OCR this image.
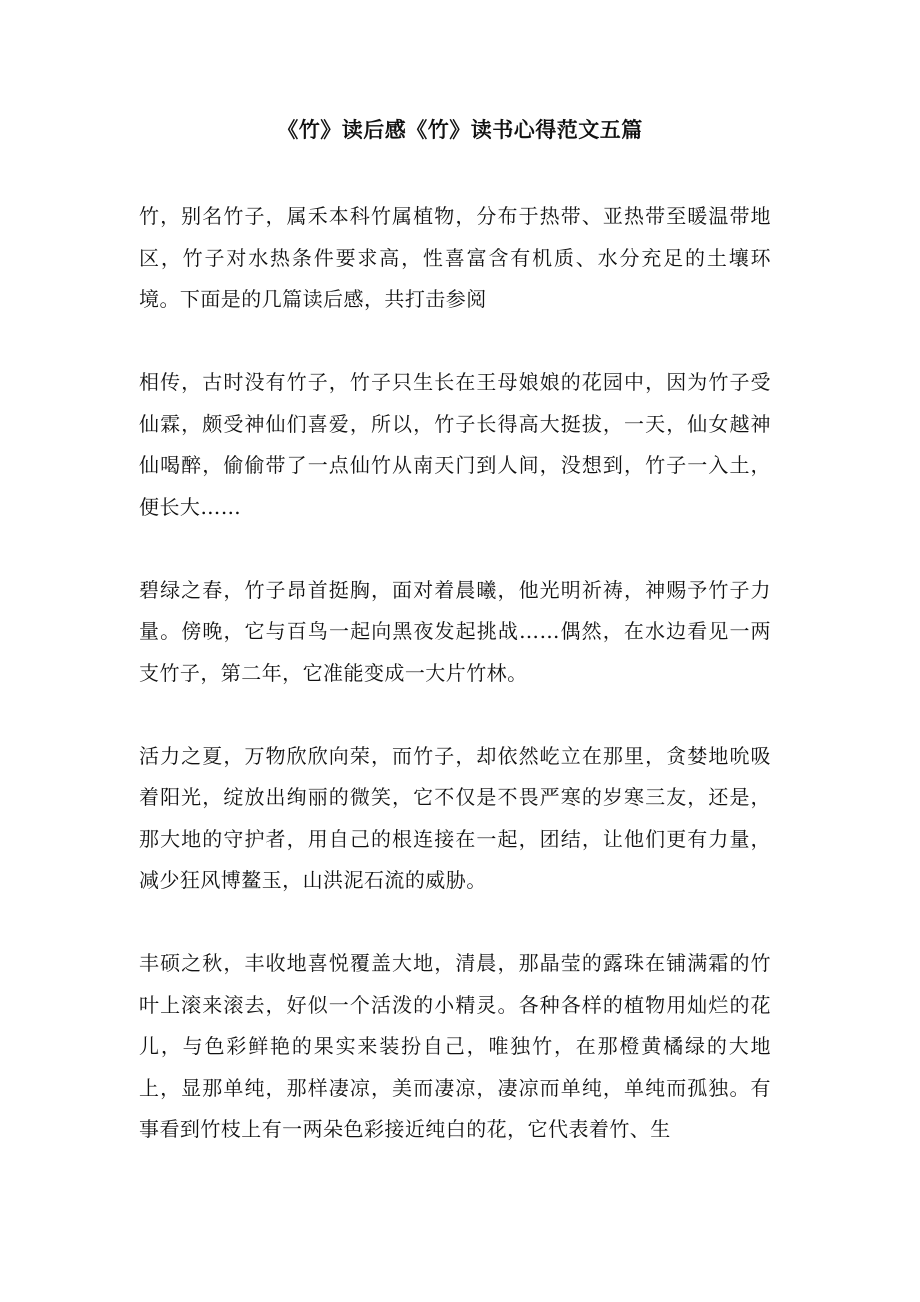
《竹》读后感《竹》读书心得范文五篇

竹，别名竹子，属禾本科竹属植物，分布于热带、亚热带至暖温带地区，竹子对水热条件要求高，性喜富含有机质、水分充足的土壤环境。下面是的几篇读后感，共打击参阅

相传，古时没有竹子，竹子只生长在王母娘娘的花园中，因为竹子受仙霖，颇受神仙们喜爱，所以，竹子长得高大挺拔，一天，仙女越神仙喝醉，偷偷带了一点仙竹从南天门到人间，没想到，竹子一入土，便长大……

碧绿之春，竹子昂首挺胸，面对着晨曦，他光明祈祷，神赐予竹子力量。傍晚，它与百鸟一起向黑夜发起挑战……偶然，在水边看见一两支竹子，第二年，它准能变成一大片竹林。

活力之夏，万物欣欣向荣，而竹子，却依然屹立在那里，贪婪地吮吸着阳光，绽放出绚丽的微笑，它不仅是不畏严寒的岁寒三友，还是，那大地的守护者，用自己的根连接在一起，团结，让他们更有力量，减少狂风博鳌玉，山洪泥石流的威胁。

丰硕之秋，丰收地喜悦覆盖大地，清晨，那晶莹的露珠在铺满霜的竹叶上滚来滚去，好似一个活泼的小精灵。各种各样的植物用灿烂的花儿，与色彩鲜艳的果实来装扮自己，唯独竹，在那橙黄橘绿的大地上，显那单纯，那样凄凉，美而凄凉，凄凉而单纯，单纯而孤独。有事看到竹枝上有一两朵色彩接近纯白的花，它代表着竹、生
